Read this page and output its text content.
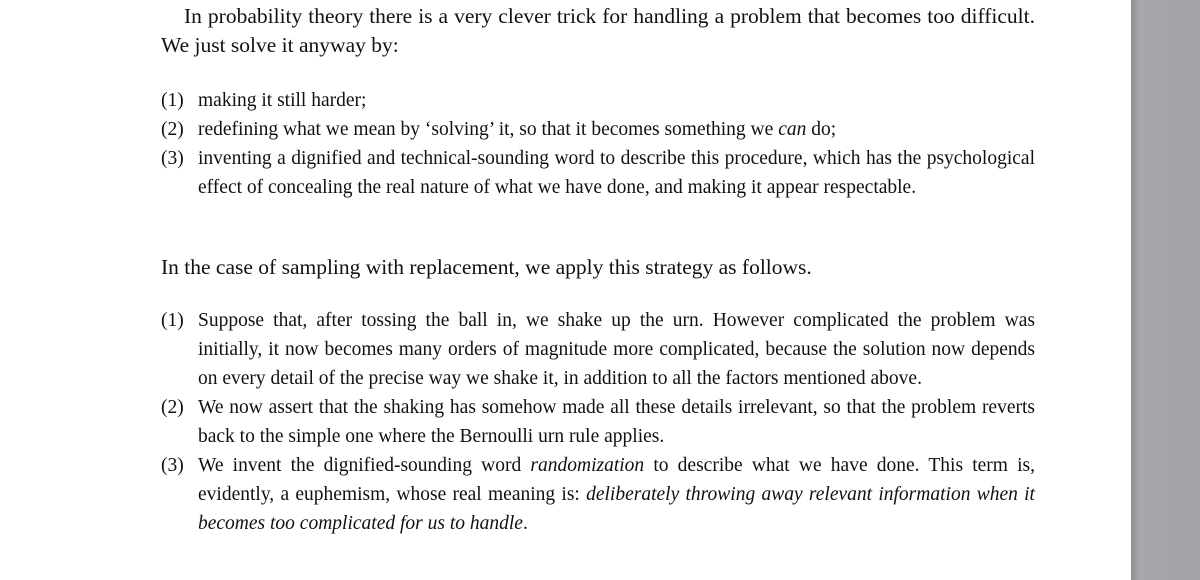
In probability theory there is a very clever trick for handling a problem that becomes too difficult. We just solve it anyway by:

(1) making it still harder;
(2) redefining what we mean by ‘solving’ it, so that it becomes something we can do;
(3) inventing a dignified and technical-sounding word to describe this procedure, which has the psychological effect of concealing the real nature of what we have done, and making it appear respectable.

In the case of sampling with replacement, we apply this strategy as follows.

(1) Suppose that, after tossing the ball in, we shake up the urn. However complicated the problem was initially, it now becomes many orders of magnitude more complicated, because the solution now depends on every detail of the precise way we shake it, in addition to all the factors mentioned above.
(2) We now assert that the shaking has somehow made all these details irrelevant, so that the problem reverts back to the simple one where the Bernoulli urn rule applies.
(3) We invent the dignified-sounding word randomization to describe what we have done. This term is, evidently, a euphemism, whose real meaning is: deliberately throwing away relevant information when it becomes too complicated for us to handle.
